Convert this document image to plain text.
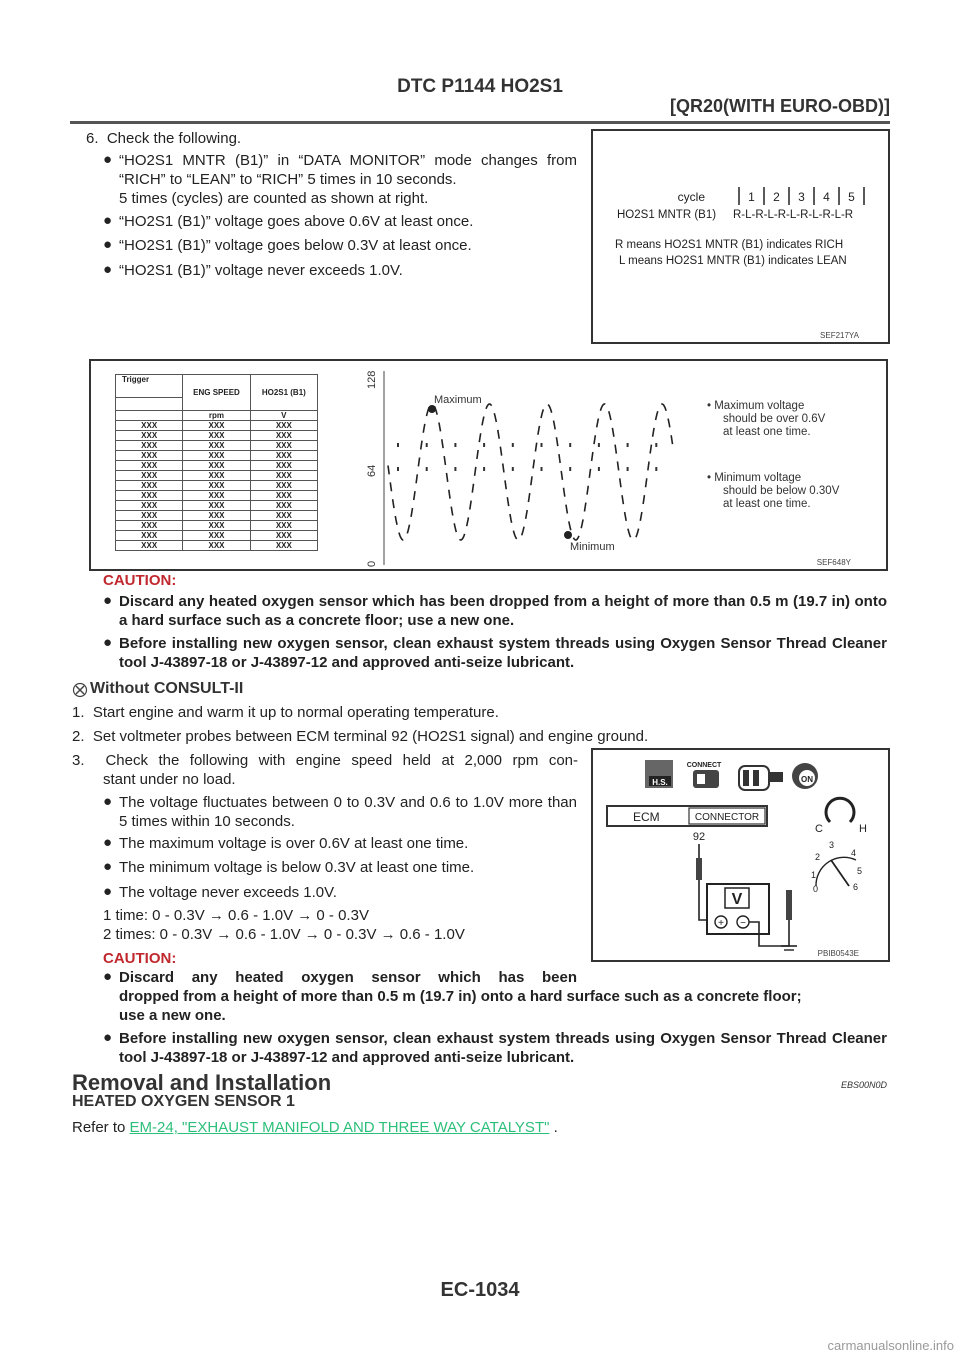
DTC P1144 HO2S1
[QR20(WITH EURO-OBD)]
6.  Check the following.
● “HO2S1 MNTR (B1)” in “DATA MONITOR” mode changes from “RICH” to “LEAN” to “RICH” 5 times in 10 seconds.
5 times (cycles) are counted as shown at right.
● “HO2S1 (B1)” voltage goes above 0.6V at least once.
● “HO2S1 (B1)” voltage goes below 0.3V at least once.
● “HO2S1 (B1)” voltage never exceeds 1.0V.
cycle	1 2 3 4 5
HO2S1 MNTR (B1) R-L-R-L-R-L-R-L-R-L-R
R means HO2S1 MNTR (B1) indicates RICH
L means HO2S1 MNTR (B1) indicates LEAN
SEF217YA
Trigger	ENG SPEED	HO2S1 (B1)

	rpm	V
XXX	XXX	XXX
XXX	XXX	XXX
XXX	XXX	XXX
XXX	XXX	XXX
XXX	XXX	XXX
XXX	XXX	XXX
XXX	XXX	XXX
XXX	XXX	XXX
XXX	XXX	XXX
XXX	XXX	XXX
XXX	XXX	XXX
XXX	XXX	XXX
XXX	XXX	XXX
0
64
128
Maximum
Minimum
• Maximum voltage
should be over 0.6V
at least one time.
• Minimum voltage
should be below 0.30V
at least one time.
SEF648Y
CAUTION:
● Discard any heated oxygen sensor which has been dropped from a height of more than 0.5 m (19.7 in) onto a hard surface such as a concrete floor; use a new one.
● Before installing new oxygen sensor, clean exhaust system threads using Oxygen Sensor Thread Cleaner tool J-43897-18 or J-43897-12 and approved anti-seize lubricant.
Without CONSULT-II
1.  Start engine and warm it up to normal operating temperature.
2.  Set voltmeter probes between ECM terminal 92 (HO2S1 signal) and engine ground.
3.  Check the following with engine speed held at 2,000 rpm con-
stant under no load.
● The voltage fluctuates between 0 to 0.3V and 0.6 to 1.0V more than 5 times within 10 seconds.
● The maximum voltage is over 0.6V at least one time.
● The minimum voltage is below 0.3V at least one time.
● The voltage never exceeds 1.0V.
1 time: 0 - 0.3V → 0.6 - 1.0V → 0 - 0.3V
2 times: 0 - 0.3V → 0.6 - 1.0V → 0 - 0.3V → 0.6 - 1.0V
H.S.
CONNECT
ON
ECM	CONNECTOR
92
V
+ −
C	H
0
1
2
3
4
5
6
PBIB0543E
CAUTION:
● Discard any heated oxygen sensor which has been
dropped from a height of more than 0.5 m (19.7 in) onto a hard surface such as a concrete floor;
use a new one.
● Before installing new oxygen sensor, clean exhaust system threads using Oxygen Sensor Thread Cleaner tool J-43897-18 or J-43897-12 and approved anti-seize lubricant.
Removal and Installation	EBS00N0D
HEATED OXYGEN SENSOR 1
Refer to EM-24, "EXHAUST MANIFOLD AND THREE WAY CATALYST" .
EC-1034
carmanualsonline.info
